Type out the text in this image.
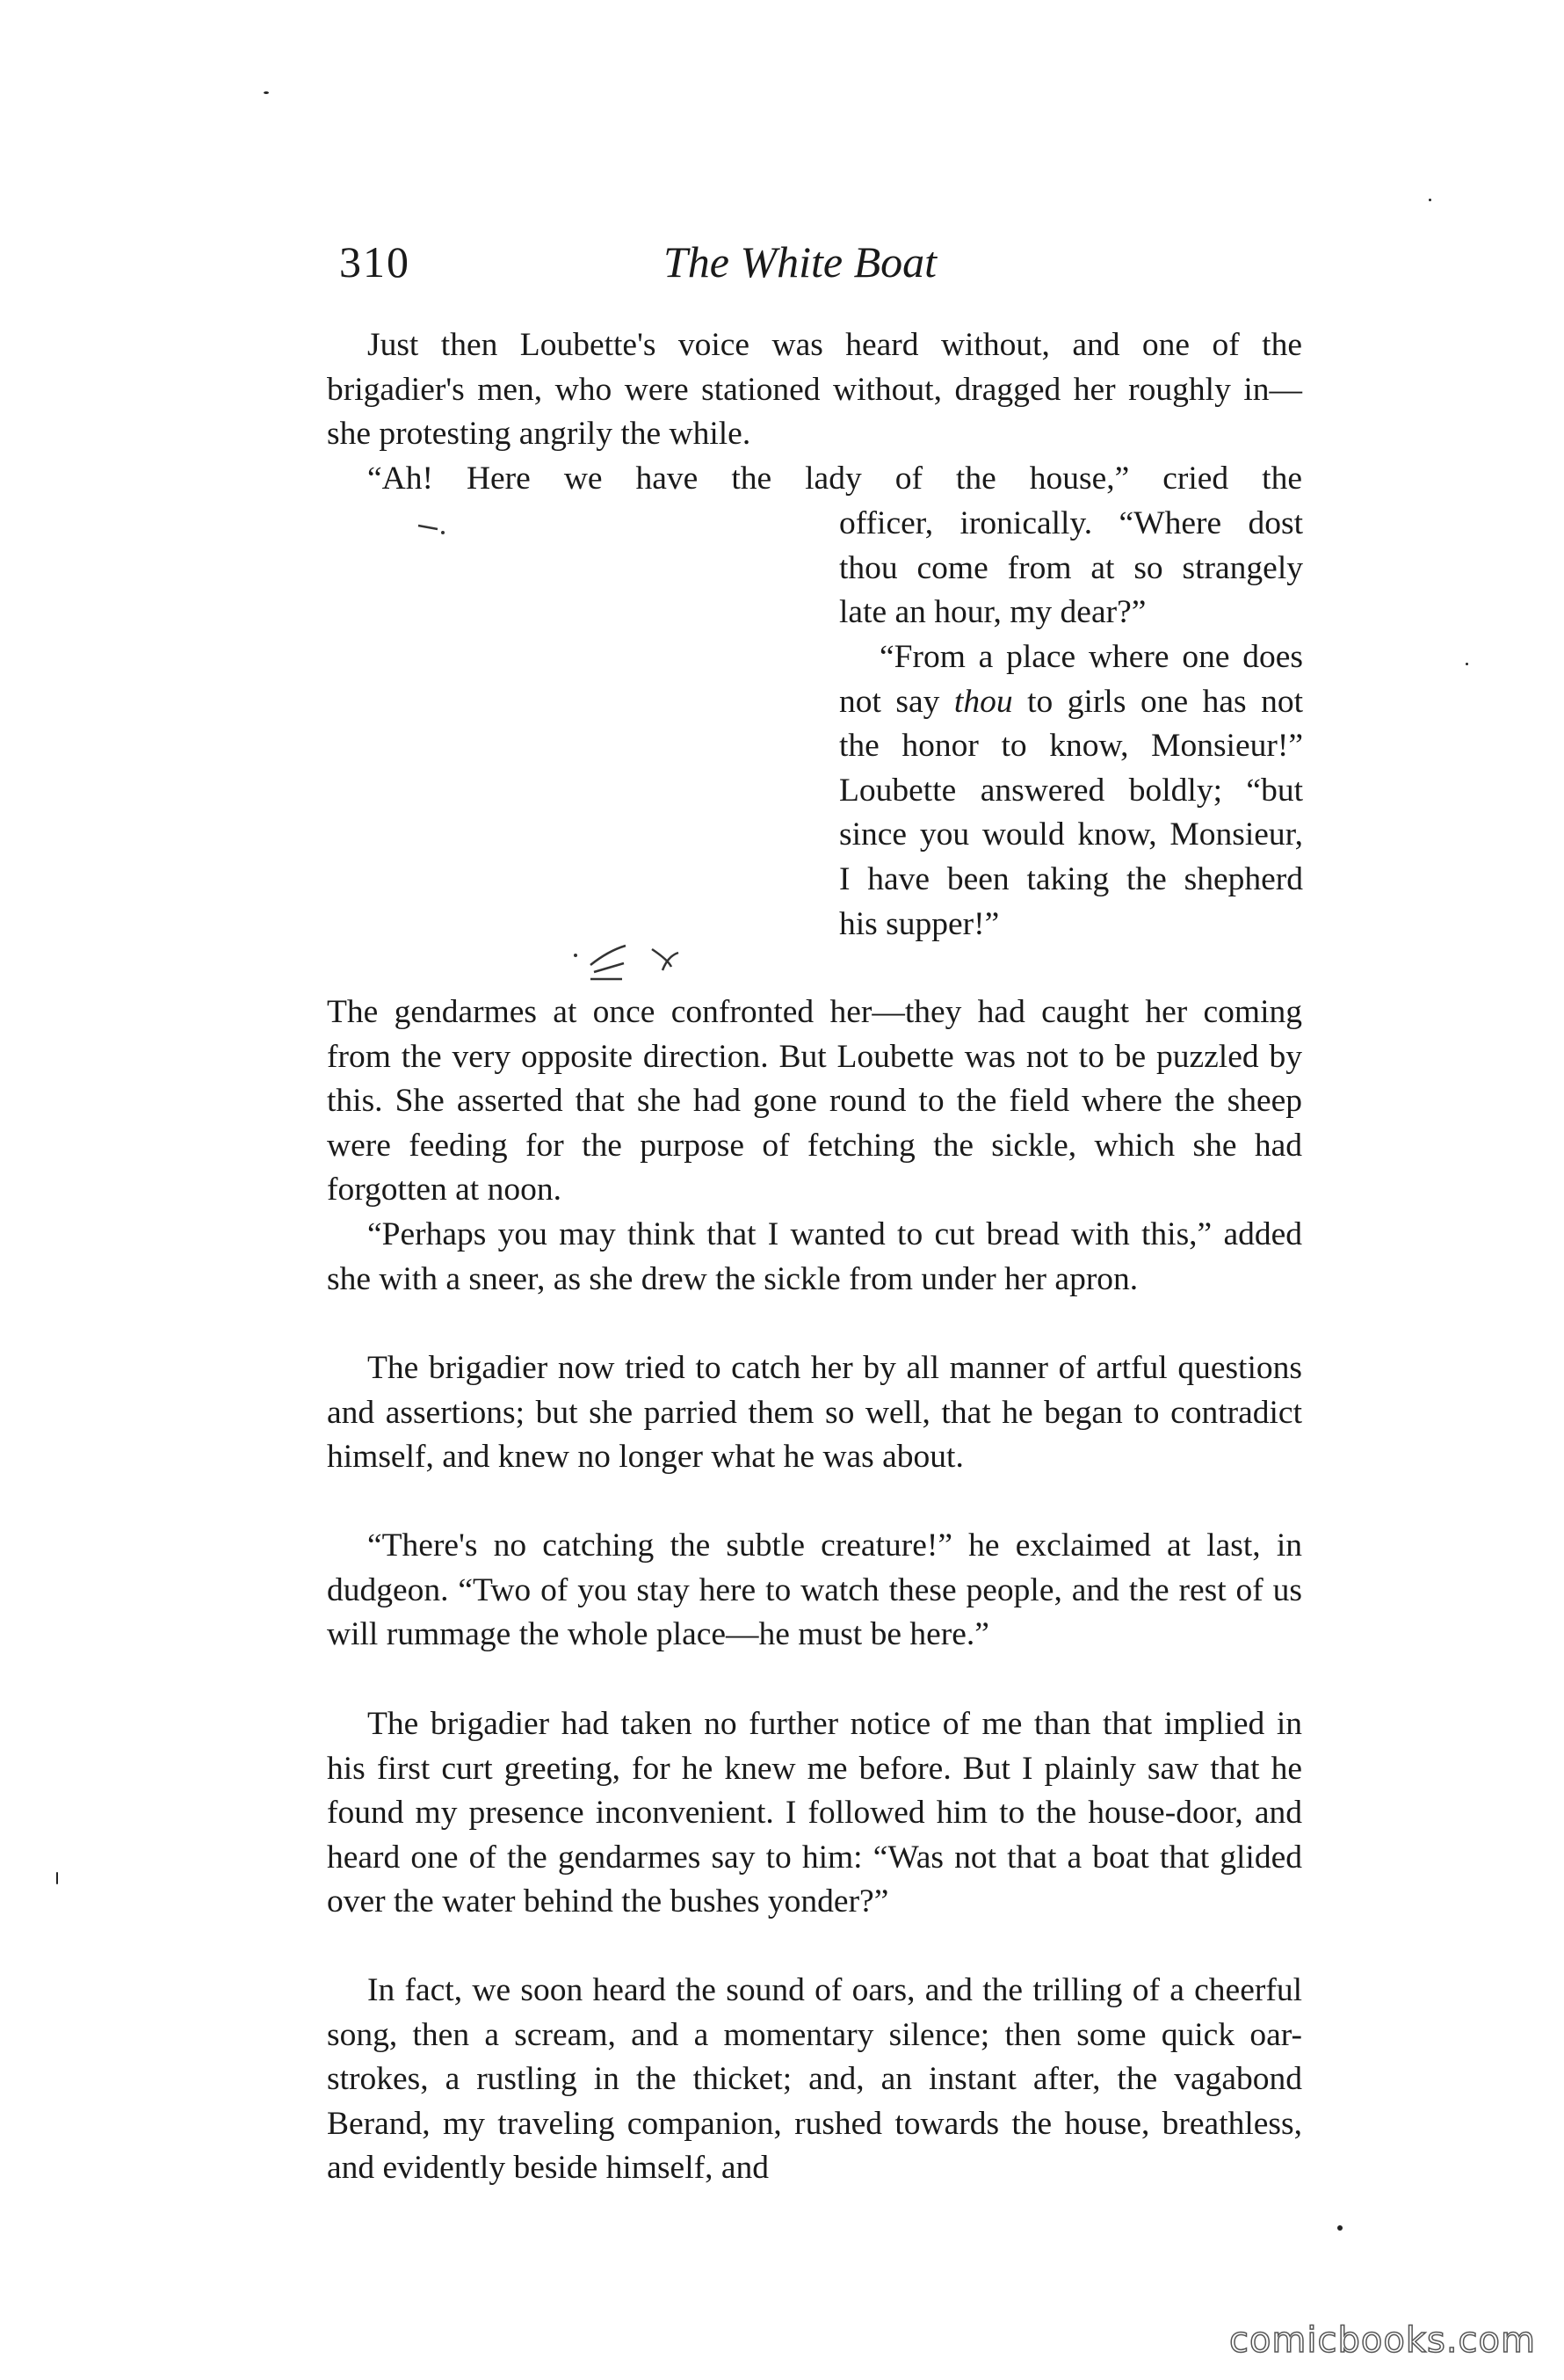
310	The White Boat

Just then Loubette's voice was heard without, and one of the brigadier's men, who were stationed without, dragged her roughly in—she protesting angrily the while.

“Ah! Here we have the lady of the house,” cried the

officer, ironically. “Where dost thou come from at so strangely late an hour, my dear?”

“From a place where one does not say thou to girls one has not the honor to know, Monsieur!” Loubette answered boldly; “but since you would know, Monsieur, I have been taking the shepherd his supper!”

The gendarmes at once confronted her—they had caught her coming from the very opposite direction. But Loubette was not to be puzzled by this. She asserted that she had gone round to the field where the sheep were feeding for the purpose of fetching the sickle, which she had forgotten at noon.

“Perhaps you may think that I wanted to cut bread with this,” added she with a sneer, as she drew the sickle from under her apron.

The brigadier now tried to catch her by all manner of artful questions and assertions; but she parried them so well, that he began to contradict himself, and knew no longer what he was about.

“There's no catching the subtle creature!” he exclaimed at last, in dudgeon. “Two of you stay here to watch these people, and the rest of us will rummage the whole place—he must be here.”

The brigadier had taken no further notice of me than that implied in his first curt greeting, for he knew me before. But I plainly saw that he found my presence inconvenient. I followed him to the house-door, and heard one of the gendarmes say to him: “Was not that a boat that glided over the water behind the bushes yonder?”

In fact, we soon heard the sound of oars, and the trilling of a cheerful song, then a scream, and a momentary silence; then some quick oar-strokes, a rustling in the thicket; and, an instant after, the vagabond Berand, my traveling companion, rushed towards the house, breathless, and evidently beside himself, and

comicbooks.com
